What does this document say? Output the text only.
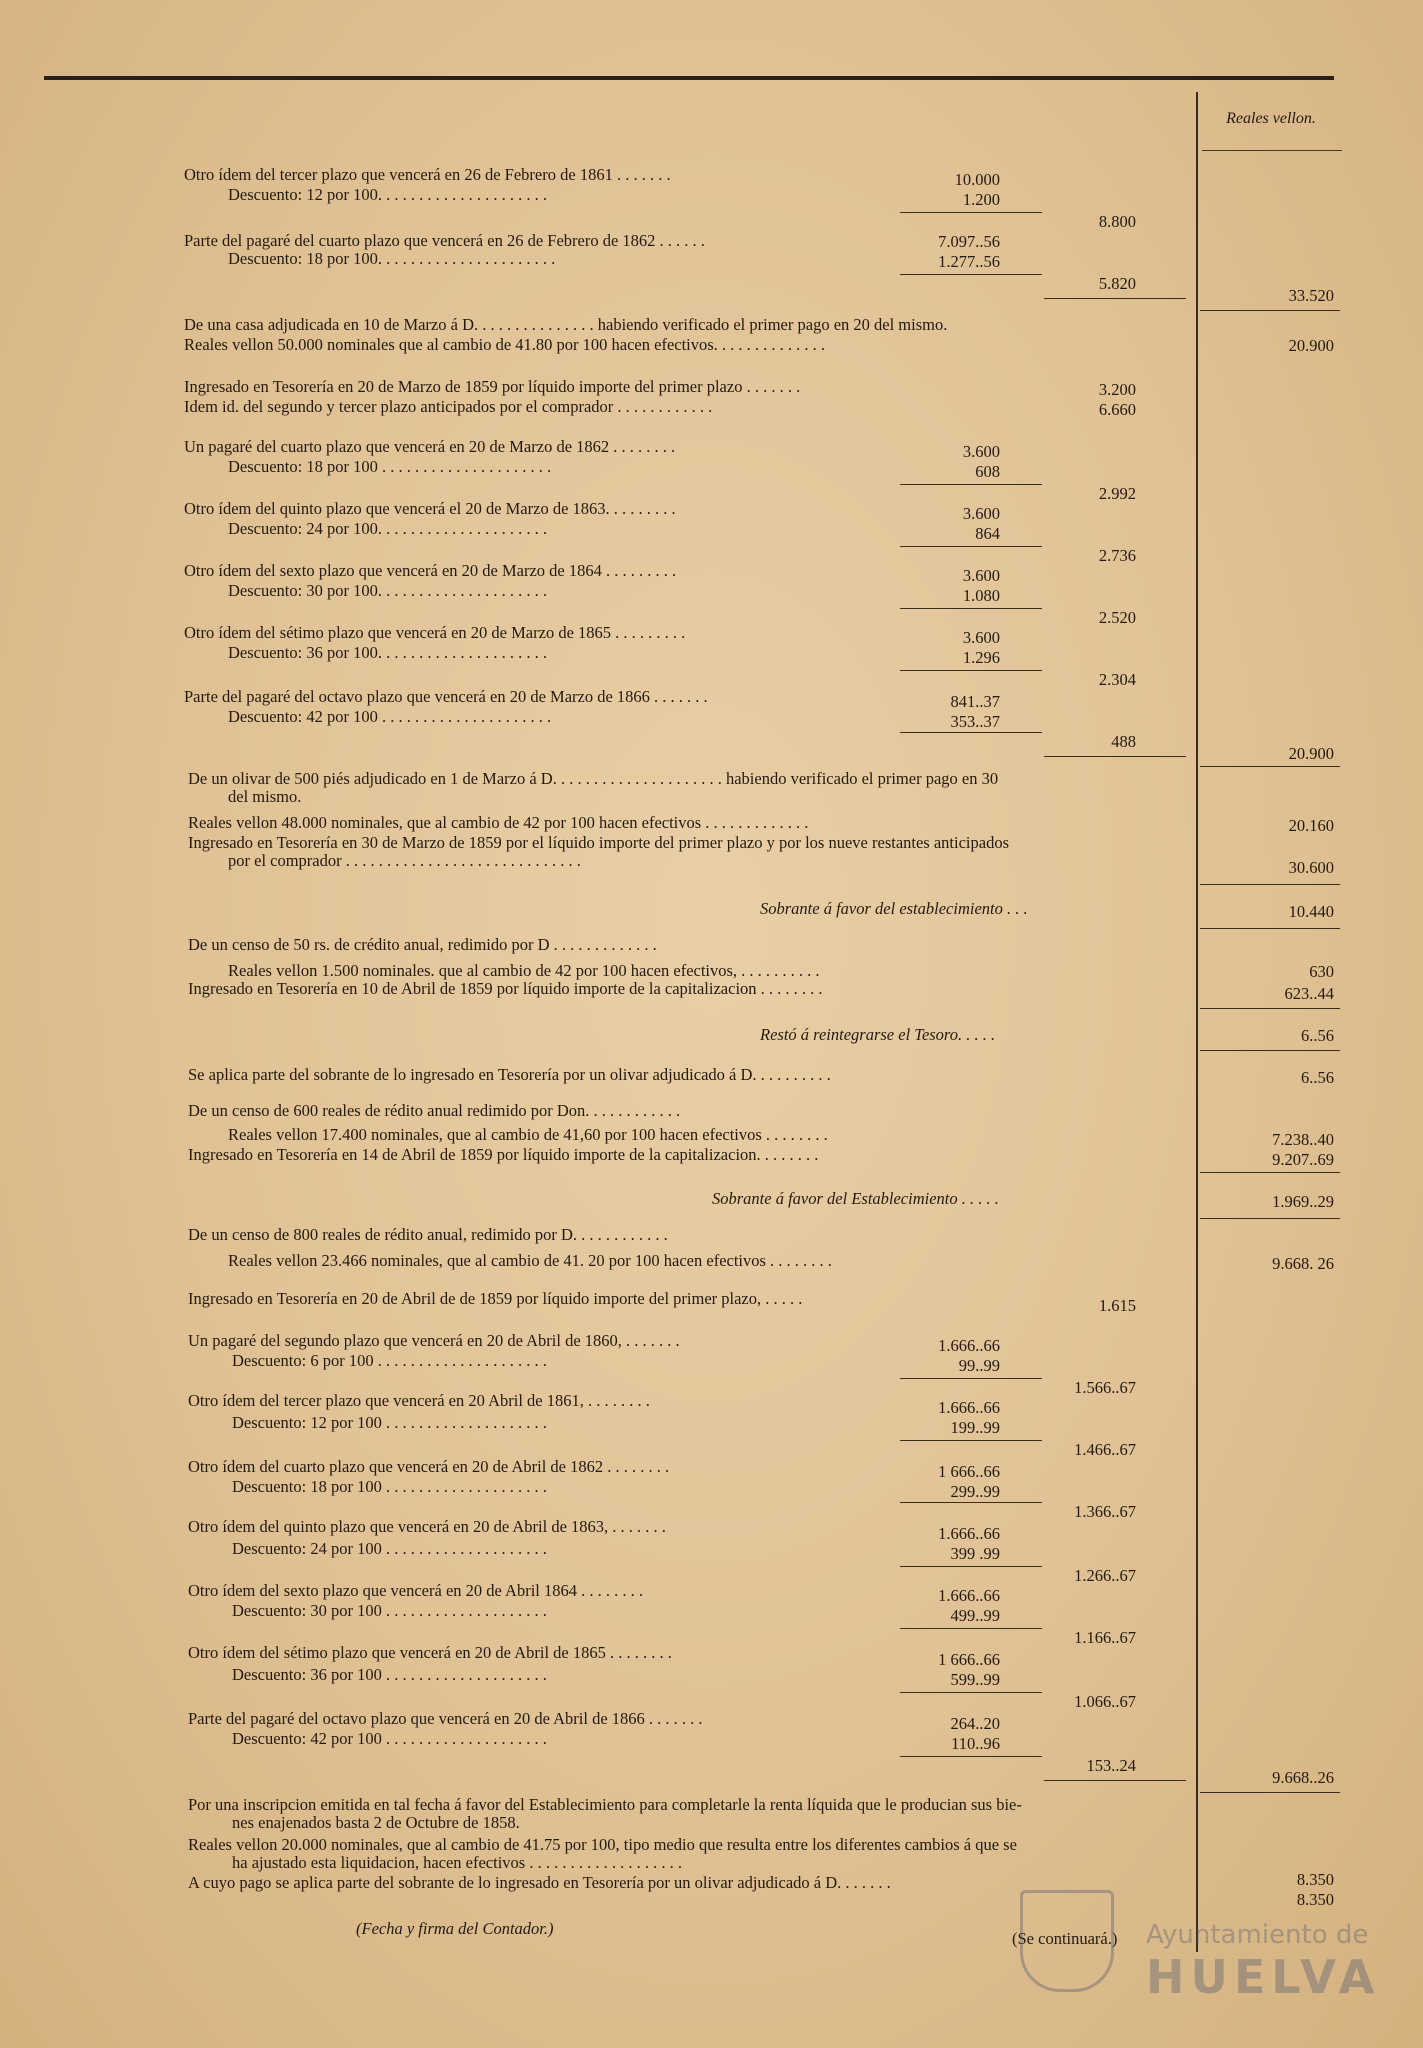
Reales vellon.
Otro ídem del tercer plazo que vencerá en 26 de Febrero de 1861 . . . . . . .
Descuento: 12 por 100. . . . . . . . . . . . . . . . . . . . .
Parte del pagaré del cuarto plazo que vencerá en 26 de Febrero de 1862 . . . . . .
Descuento: 18 por 100. . . . . . . . . . . . . . . . . . . . . .
De una casa adjudicada en 10 de Marzo á D. . . . . . . . . . . . . . . habiendo verificado el primer pago en 20 del mismo.
Reales vellon 50.000 nominales que al cambio de 41.80 por 100 hacen efectivos. . . . . . . . . . . . . .
Ingresado en Tesorería en 20 de Marzo de 1859 por líquido importe del primer plazo . . . . . . .
Idem id. del segundo y tercer plazo anticipados por el comprador . . . . . . . . . . . .
Un pagaré del cuarto plazo que vencerá en 20 de Marzo de 1862 . . . . . . . .
Descuento: 18 por 100 . . . . . . . . . . . . . . . . . . . . .
Otro ídem del quinto plazo que vencerá el 20 de Marzo de 1863. . . . . . . . .
Descuento: 24 por 100. . . . . . . . . . . . . . . . . . . . .
Otro ídem del sexto plazo que vencerá en 20 de Marzo de 1864 . . . . . . . . .
Descuento: 30 por 100. . . . . . . . . . . . . . . . . . . . .
Otro ídem del sétimo plazo que vencerá en 20 de Marzo de 1865 . . . . . . . . .
Descuento: 36 por 100. . . . . . . . . . . . . . . . . . . . .
Parte del pagaré del octavo plazo que vencerá en 20 de Marzo de 1866 . . . . . . .
Descuento: 42 por 100 . . . . . . . . . . . . . . . . . . . . .
De un olivar de 500 piés adjudicado en 1 de Marzo á D. . . . . . . . . . . . . . . . . . . . . habiendo verificado el primer pago en 30
del mismo.
Reales vellon 48.000 nominales, que al cambio de 42 por 100 hacen efectivos . . . . . . . . . . . . .
Ingresado en Tesorería en 30 de Marzo de 1859 por el líquido importe del primer plazo y por los nueve restantes anticipados
por el comprador . . . . . . . . . . . . . . . . . . . . . . . . . . . . .
Sobrante á favor del establecimiento . . .
De un censo de 50 rs. de crédito anual, redimido por D . . . . . . . . . . . . .
Reales vellon 1.500 nominales. que al cambio de 42 por 100 hacen efectivos, . . . . . . . . . .
Ingresado en Tesorería en 10 de Abril de 1859 por líquido importe de la capitalizacion . . . . . . . .
Restó á reintegrarse el Tesoro. . . . .
Se aplica parte del sobrante de lo ingresado en Tesorería por un olivar adjudicado á D. . . . . . . . . .
De un censo de 600 reales de rédito anual redimido por Don. . . . . . . . . . . .
Reales vellon 17.400 nominales, que al cambio de 41,60 por 100 hacen efectivos . . . . . . . .
Ingresado en Tesorería en 14 de Abril de 1859 por líquido importe de la capitalizacion. . . . . . . .
Sobrante á favor del Establecimiento . . . . .
De un censo de 800 reales de rédito anual, redimido por D. . . . . . . . . . . .
Reales vellon 23.466 nominales, que al cambio de 41. 20 por 100 hacen efectivos . . . . . . . .
Ingresado en Tesorería en 20 de Abril de de 1859 por líquido importe del primer plazo, . . . . .
Un pagaré del segundo plazo que vencerá en 20 de Abril de 1860, . . . . . . .
Descuento: 6 por 100 . . . . . . . . . . . . . . . . . . . . .
Otro ídem del tercer plazo que vencerá en 20 Abril de 1861, . . . . . . . .
Descuento: 12 por 100 . . . . . . . . . . . . . . . . . . . .
Otro ídem del cuarto plazo que vencerá en 20 de Abril de 1862 . . . . . . . .
Descuento: 18 por 100 . . . . . . . . . . . . . . . . . . . .
Otro ídem del quinto plazo que vencerá en 20 de Abril de 1863, . . . . . . .
Descuento: 24 por 100 . . . . . . . . . . . . . . . . . . . .
Otro ídem del sexto plazo que vencerá en 20 de Abril 1864 . . . . . . . .
Descuento: 30 por 100 . . . . . . . . . . . . . . . . . . . .
Otro ídem del sétimo plazo que vencerá en 20 de Abril de 1865 . . . . . . . .
Descuento: 36 por 100 . . . . . . . . . . . . . . . . . . . .
Parte del pagaré del octavo plazo que vencerá en 20 de Abril de 1866 . . . . . . .
Descuento: 42 por 100 . . . . . . . . . . . . . . . . . . . .
Por una inscripcion emitida en tal fecha á favor del Establecimiento para completarle la renta líquida que le producian sus bie-
nes enajenados basta 2 de Octubre de 1858.
Reales vellon 20.000 nominales, que al cambio de 41.75 por 100, tipo medio que resulta entre los diferentes cambios á que se
ha ajustado esta liquidacion, hacen efectivos . . . . . . . . . . . . . . . . . . .
A cuyo pago se aplica parte del sobrante de lo ingresado en Tesorería por un olivar adjudicado á D. . . . . . .
(Fecha y firma del Contador.)
(Se continuará.)
10.000
1.200
8.800
7.097..56
1.277..56
5.820
33.520
20.900
3.200
6.660
3.600
608
2.992
3.600
864
2.736
3.600
1.080
2.520
3.600
1.296
2.304
841..37
353..37
488
20.900
20.160
30.600
10.440
630
623..44
6..56
6..56
7.238..40
9.207..69
1.969..29
9.668. 26
1.615
1.666..66
99..99
1.566..67
1.666..66
199..99
1.466..67
1 666..66
299..99
1.366..67
1.666..66
399 .99
1.266..67
1.666..66
499..99
1.166..67
1 666..66
599..99
1.066..67
264..20
110..96
153..24
9.668..26
8.350
8.350
Ayuntamiento de
HUELVA
